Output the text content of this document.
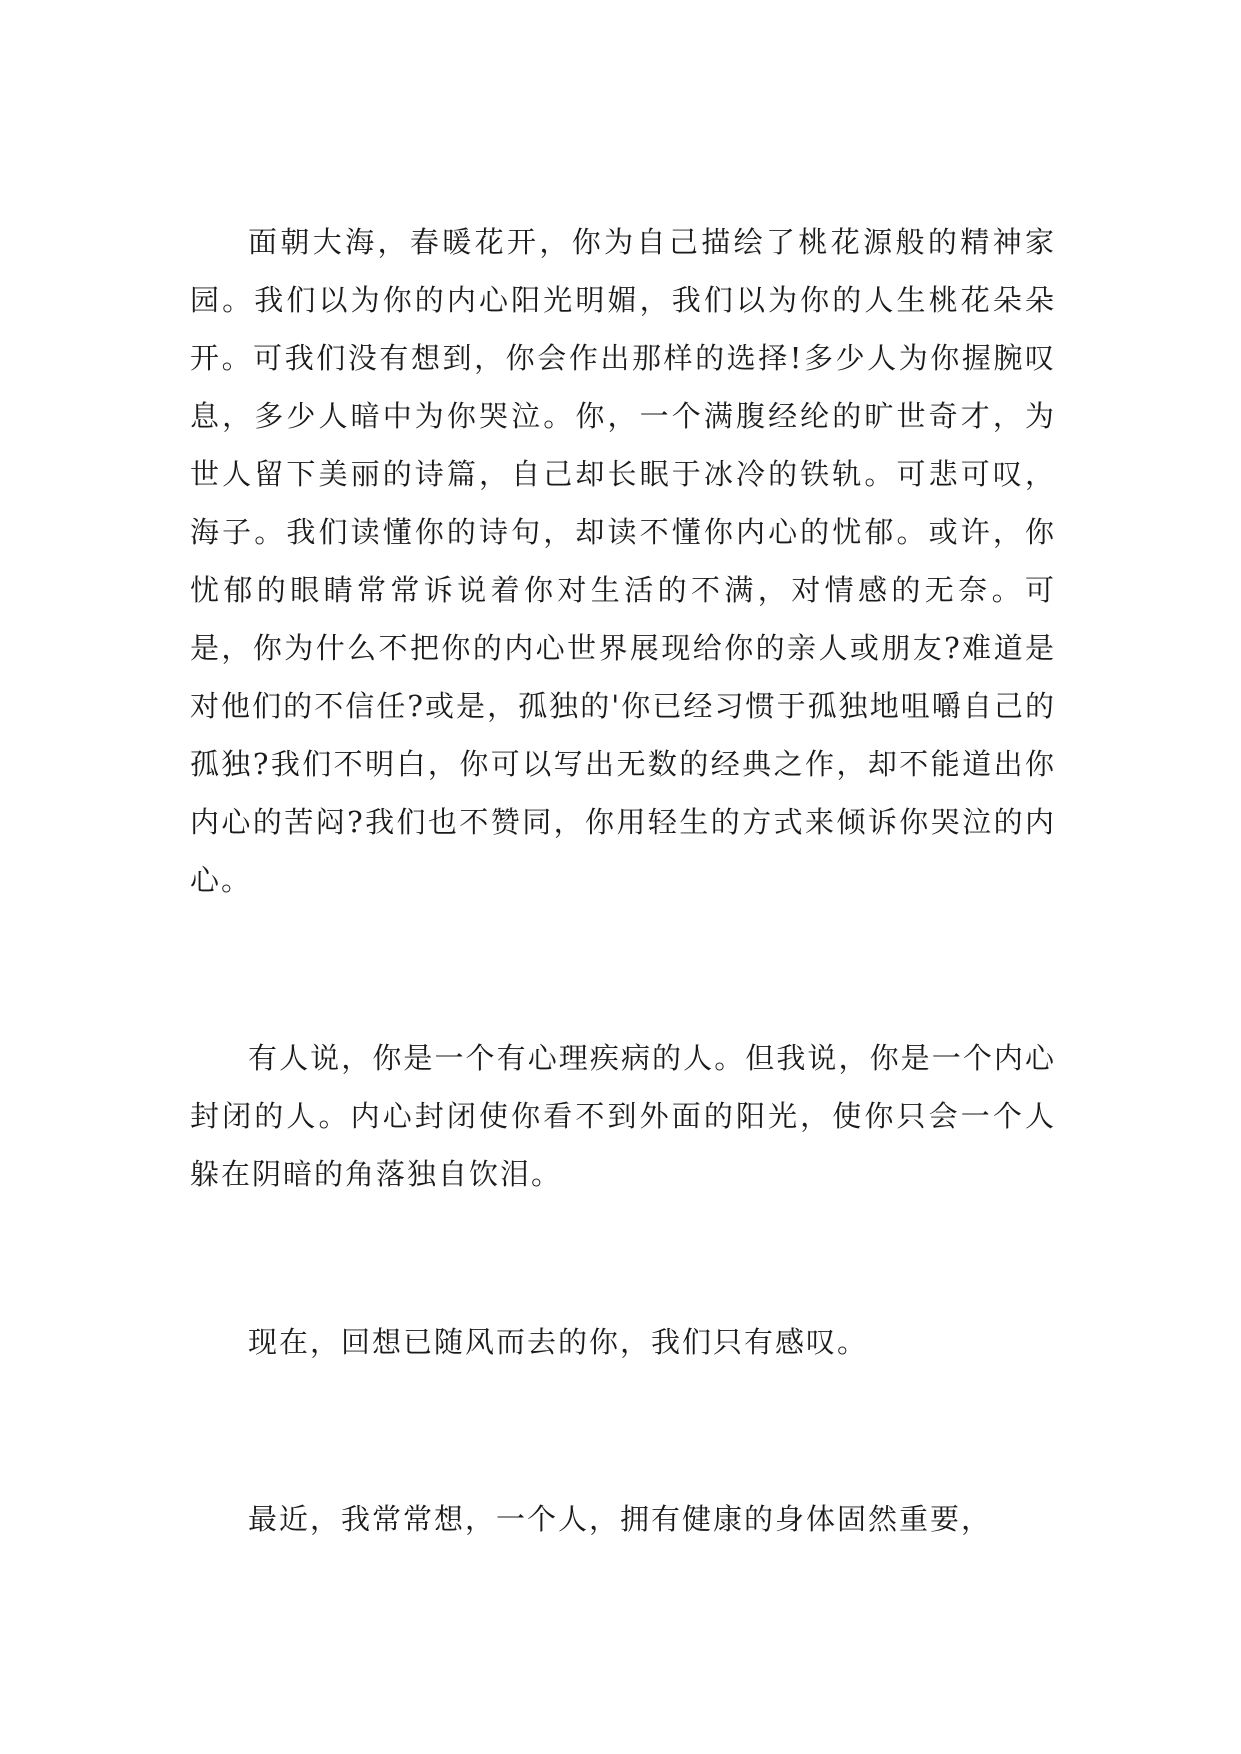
面朝大海，春暖花开，你为自己描绘了桃花源般的精神家园。我们以为你的内心阳光明媚，我们以为你的人生桃花朵朵开。可我们没有想到，你会作出那样的选择!多少人为你握腕叹息，多少人暗中为你哭泣。你，一个满腹经纶的旷世奇才，为世人留下美丽的诗篇，自己却长眠于冰冷的铁轨。可悲可叹，海子。我们读懂你的诗句，却读不懂你内心的忧郁。或许，你忧郁的眼睛常常诉说着你对生活的不满，对情感的无奈。可是，你为什么不把你的内心世界展现给你的亲人或朋友?难道是对他们的不信任?或是，孤独的'你已经习惯于孤独地咀嚼自己的孤独?我们不明白，你可以写出无数的经典之作，却不能道出你内心的苦闷?我们也不赞同，你用轻生的方式来倾诉你哭泣的内心。

有人说，你是一个有心理疾病的人。但我说，你是一个内心封闭的人。内心封闭使你看不到外面的阳光，使你只会一个人躲在阴暗的角落独自饮泪。

现在，回想已随风而去的你，我们只有感叹。

最近，我常常想，一个人，拥有健康的身体固然重要，
